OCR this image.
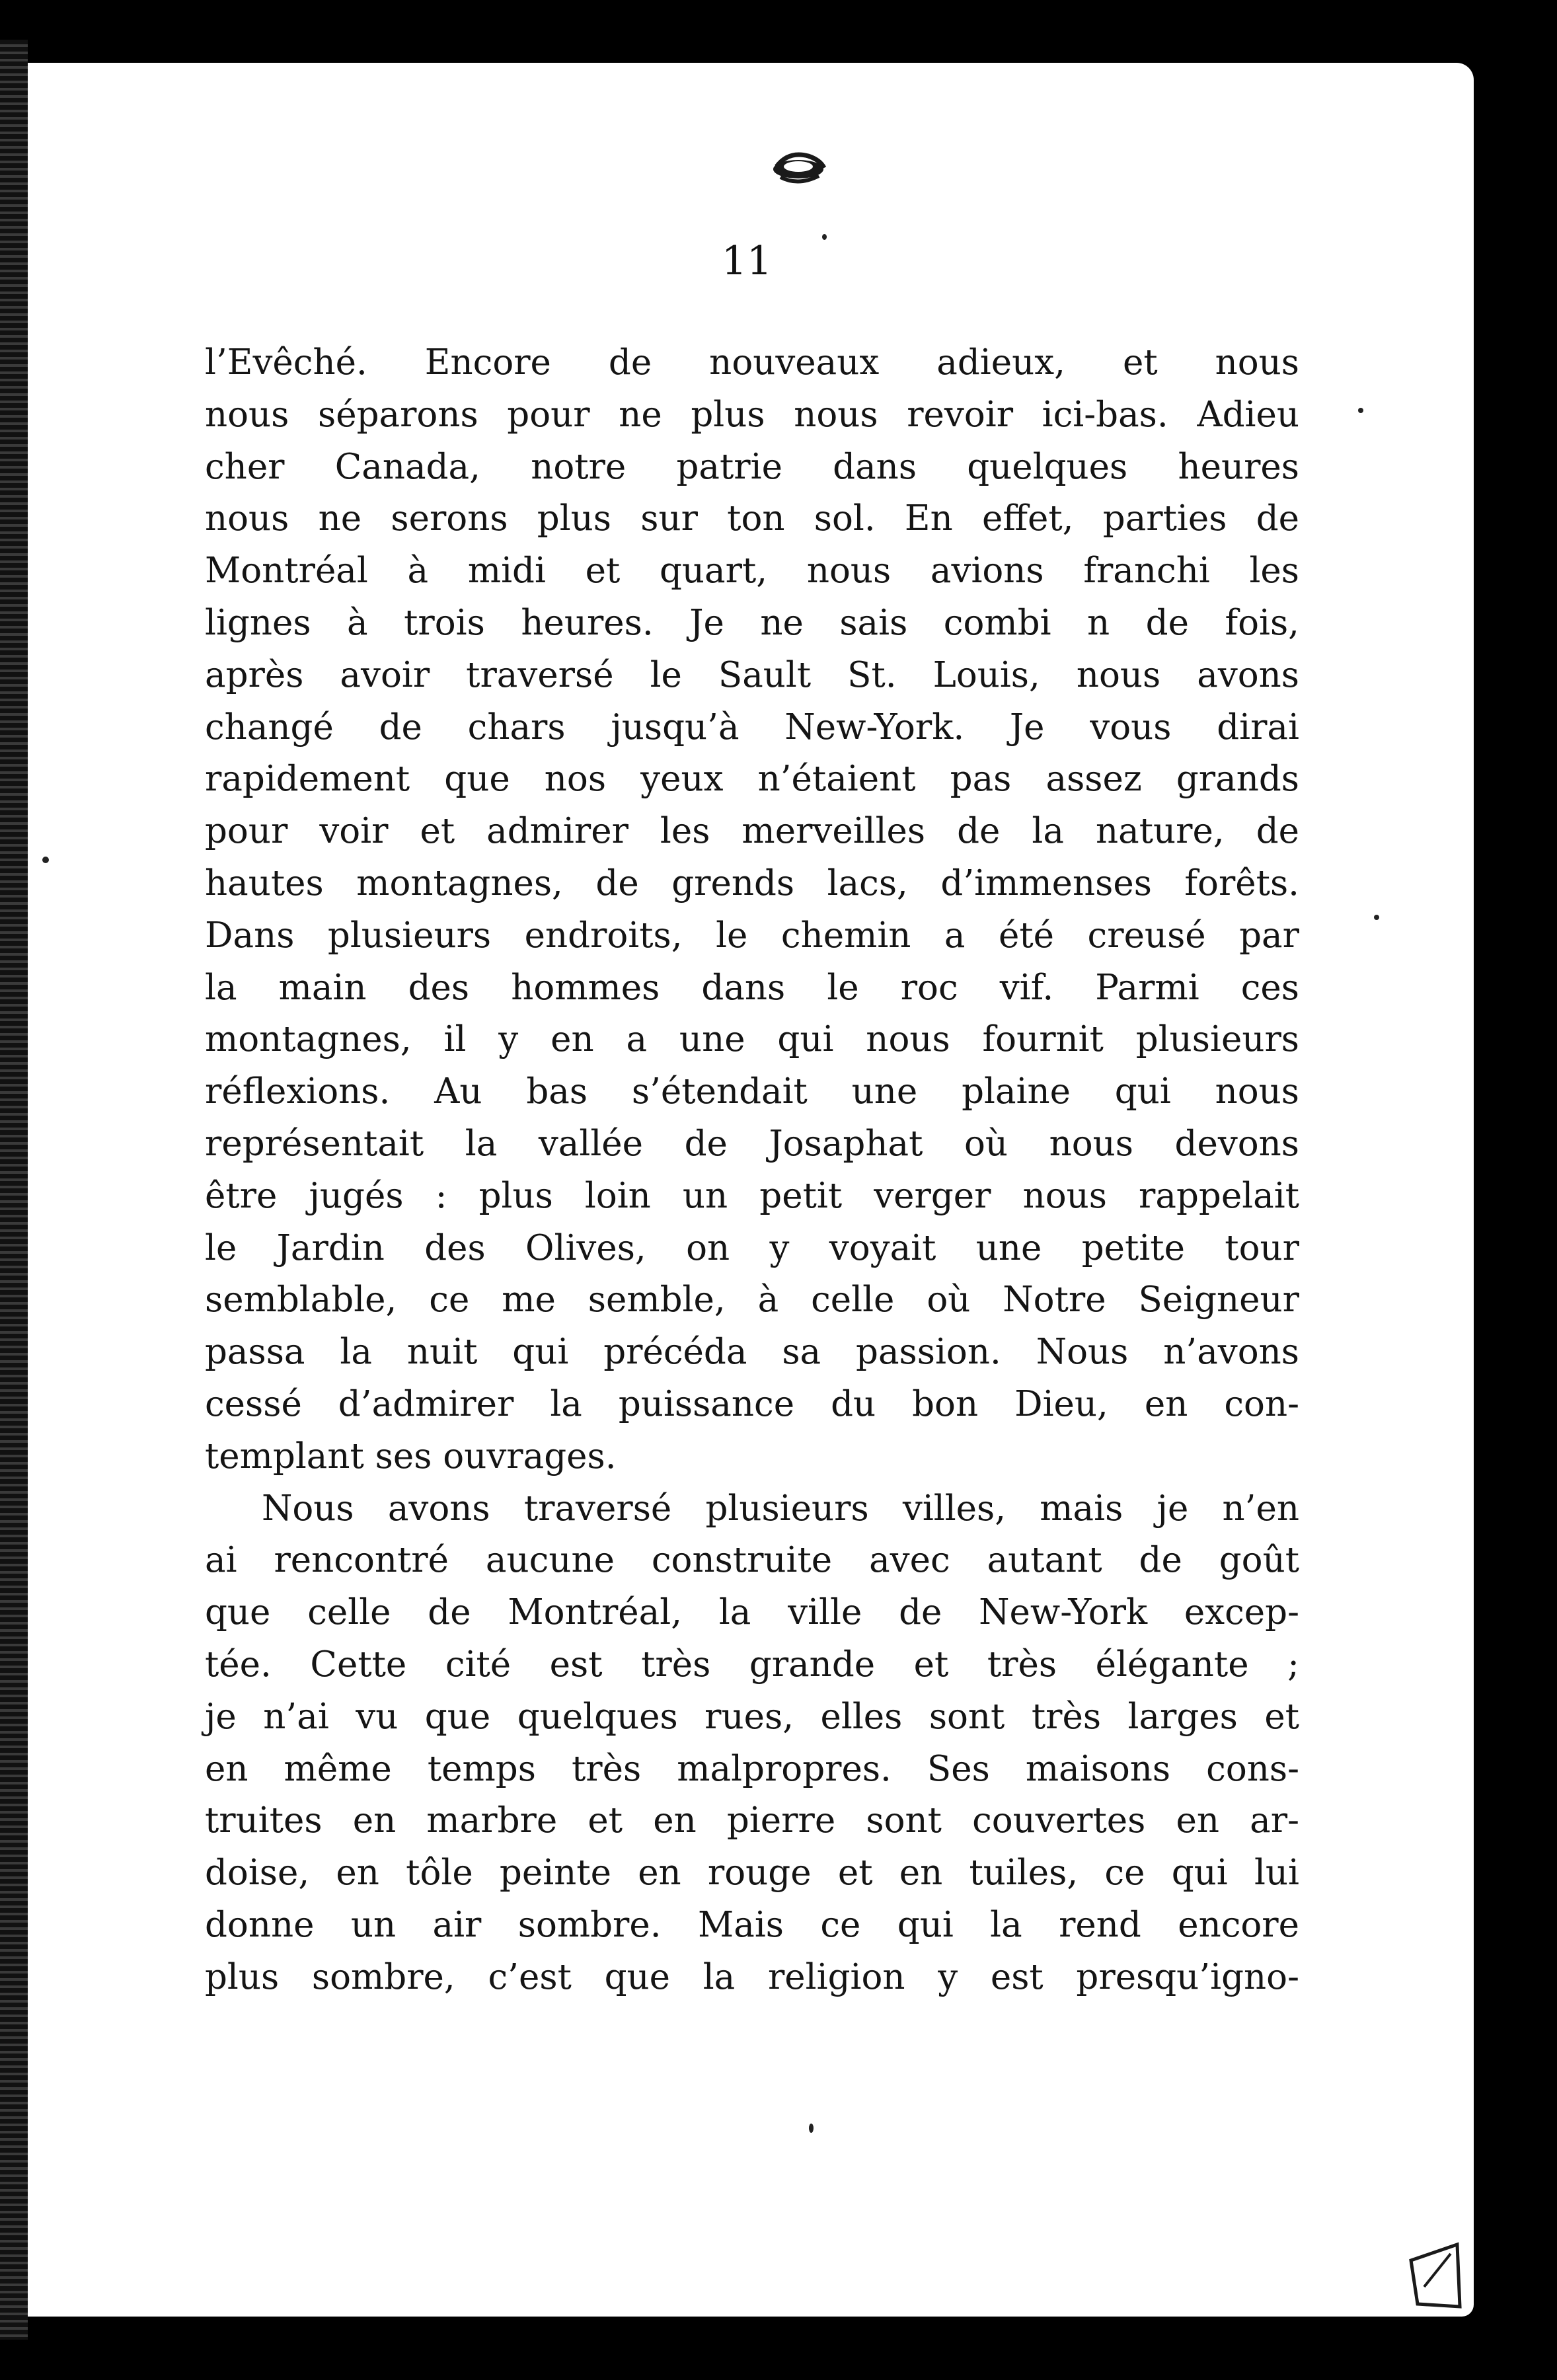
11
l’Evêché. Encore de nouveaux adieux, et nous
nous séparons pour ne plus nous revoir ici-bas. Adieu
cher Canada, notre patrie dans quelques heures
nous ne serons plus sur ton sol. En effet, parties de
Montréal à midi et quart, nous avions franchi les
lignes à trois heures. Je ne sais combi n de fois,
après avoir traversé le Sault St. Louis, nous avons
changé de chars jusqu’à New-York. Je vous dirai
rapidement que nos yeux n’étaient pas assez grands
pour voir et admirer les merveilles de la nature, de
hautes montagnes, de grends lacs, d’immenses forêts.
Dans plusieurs endroits, le chemin a été creusé par
la main des hommes dans le roc vif. Parmi ces
montagnes, il y en a une qui nous fournit plusieurs
réflexions. Au bas s’étendait une plaine qui nous
représentait la vallée de Josaphat où nous devons
être jugés : plus loin un petit verger nous rappelait
le Jardin des Olives, on y voyait une petite tour
semblable, ce me semble, à celle où Notre Seigneur
passa la nuit qui précéda sa passion. Nous n’avons
cessé d’admirer la puissance du bon Dieu, en con-
templant ses ouvrages.
Nous avons traversé plusieurs villes, mais je n’en
ai rencontré aucune construite avec autant de goût
que celle de Montréal, la ville de New-York excep-
tée. Cette cité est très grande et très élégante ;
je n’ai vu que quelques rues, elles sont très larges et
en même temps très malpropres. Ses maisons cons-
truites en marbre et en pierre sont couvertes en ar-
doise, en tôle peinte en rouge et en tuiles, ce qui lui
donne un air sombre. Mais ce qui la rend encore
plus sombre, c’est que la religion y est presqu’igno-
